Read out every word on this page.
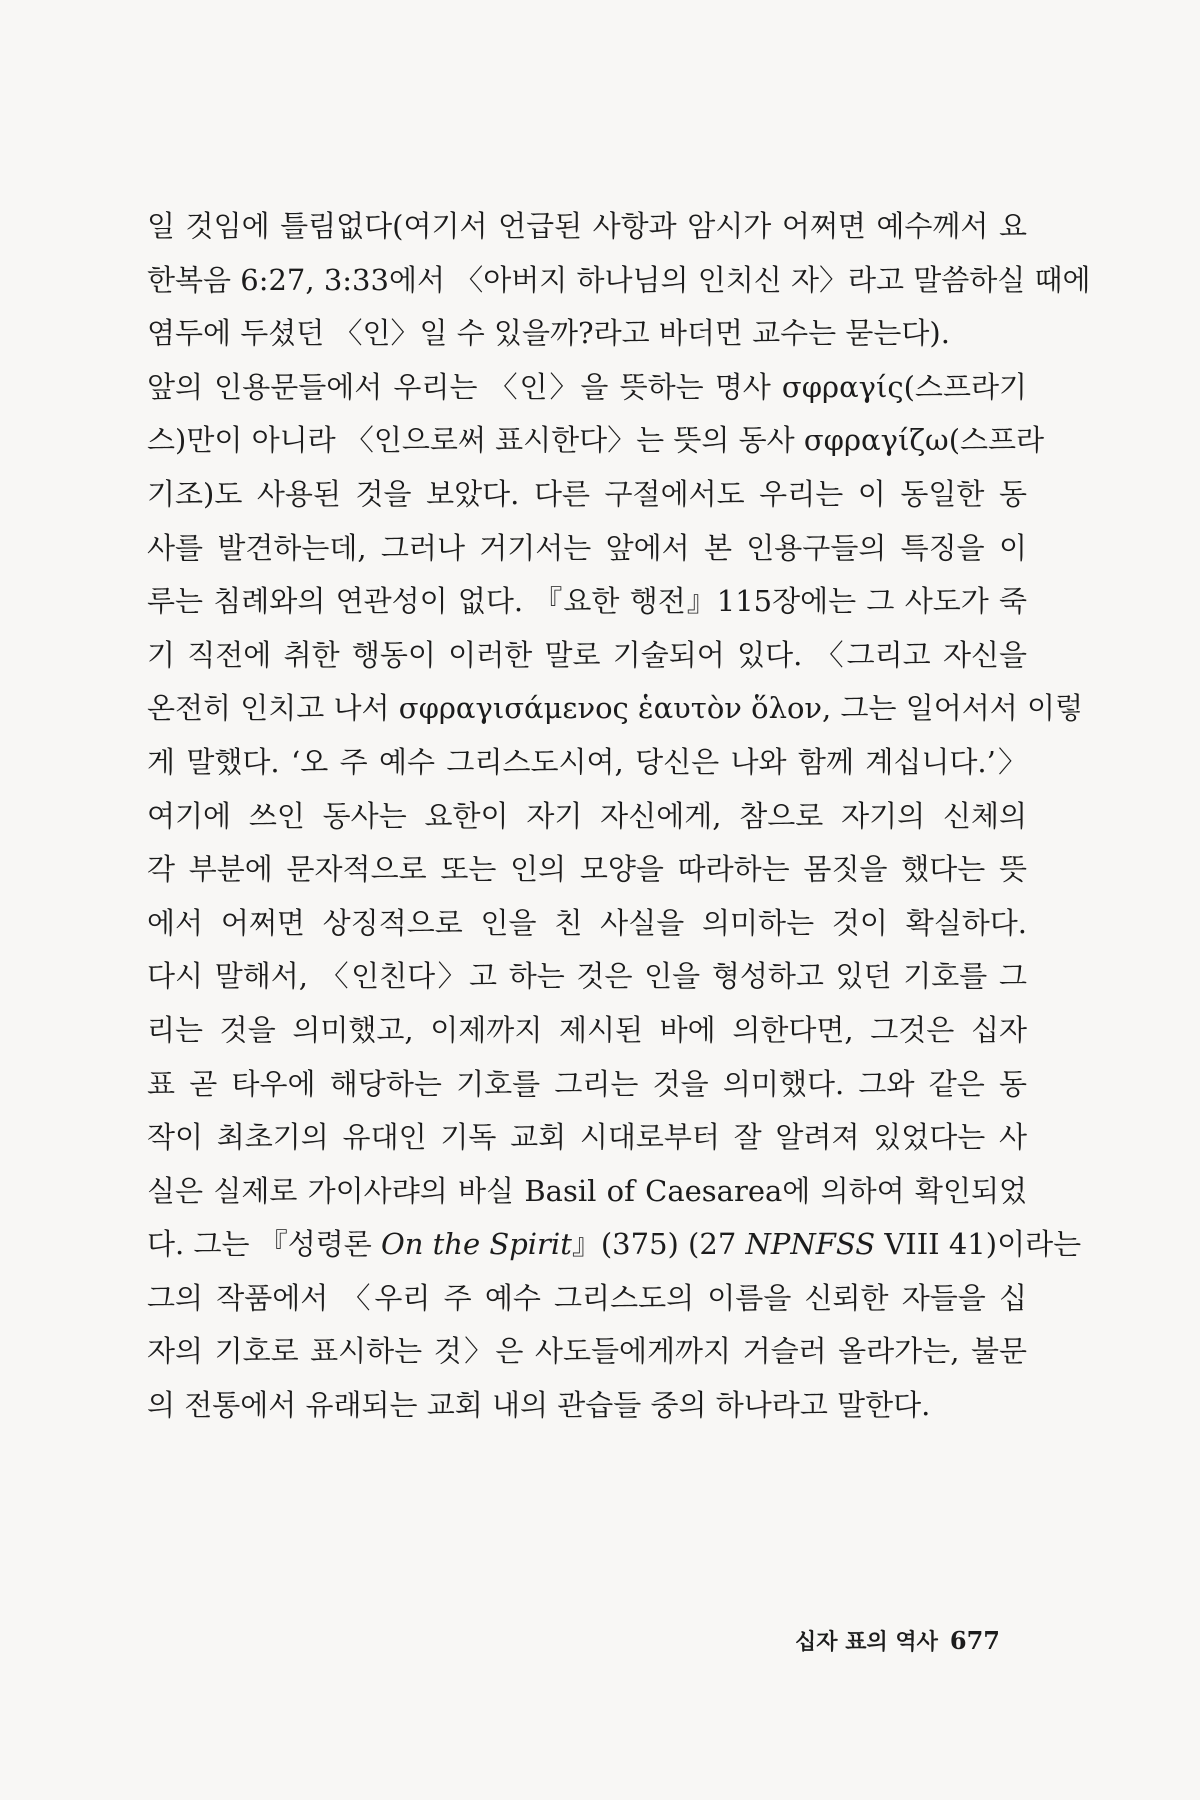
일 것임에 틀림없다(여기서 언급된 사항과 암시가 어쩌면 예수께서 요
한복음 6:27, 3:33에서 〈아버지 하나님의 인치신 자〉라고 말씀하실 때에
염두에 두셨던 〈인〉일 수 있을까?라고 바더먼 교수는 묻는다).
앞의 인용문들에서 우리는 〈인〉을 뜻하는 명사 σφραγίς(스프라기
스)만이 아니라 〈인으로써 표시한다〉는 뜻의 동사 σφραγίζω(스프라
기조)도 사용된 것을 보았다. 다른 구절에서도 우리는 이 동일한 동
사를 발견하는데, 그러나 거기서는 앞에서 본 인용구들의 특징을 이
루는 침례와의 연관성이 없다. 『요한 행전』115장에는 그 사도가 죽
기 직전에 취한 행동이 이러한 말로 기술되어 있다. 〈그리고 자신을
온전히 인치고 나서 σφραγισάμενος ἑαυτὸν ὅλον, 그는 일어서서 이렇
게 말했다. ‘오 주 예수 그리스도시여, 당신은 나와 함께 계십니다.’〉
여기에 쓰인 동사는 요한이 자기 자신에게, 참으로 자기의 신체의
각 부분에 문자적으로 또는 인의 모양을 따라하는 몸짓을 했다는 뜻
에서 어쩌면 상징적으로 인을 친 사실을 의미하는 것이 확실하다.
다시 말해서, 〈인친다〉고 하는 것은 인을 형성하고 있던 기호를 그
리는 것을 의미했고, 이제까지 제시된 바에 의한다면, 그것은 십자
표 곧 타우에 해당하는 기호를 그리는 것을 의미했다. 그와 같은 동
작이 최초기의 유대인 기독 교회 시대로부터 잘 알려져 있었다는 사
실은 실제로 가이사랴의 바실 Basil of Caesarea에 의하여 확인되었
다. 그는 『성령론 On the Spirit』(375) (27 NPNFSS VIII 41)이라는
그의 작품에서 〈우리 주 예수 그리스도의 이름을 신뢰한 자들을 십
자의 기호로 표시하는 것〉은 사도들에게까지 거슬러 올라가는, 불문
의 전통에서 유래되는 교회 내의 관습들 중의 하나라고 말한다.
십자 표의 역사 677
